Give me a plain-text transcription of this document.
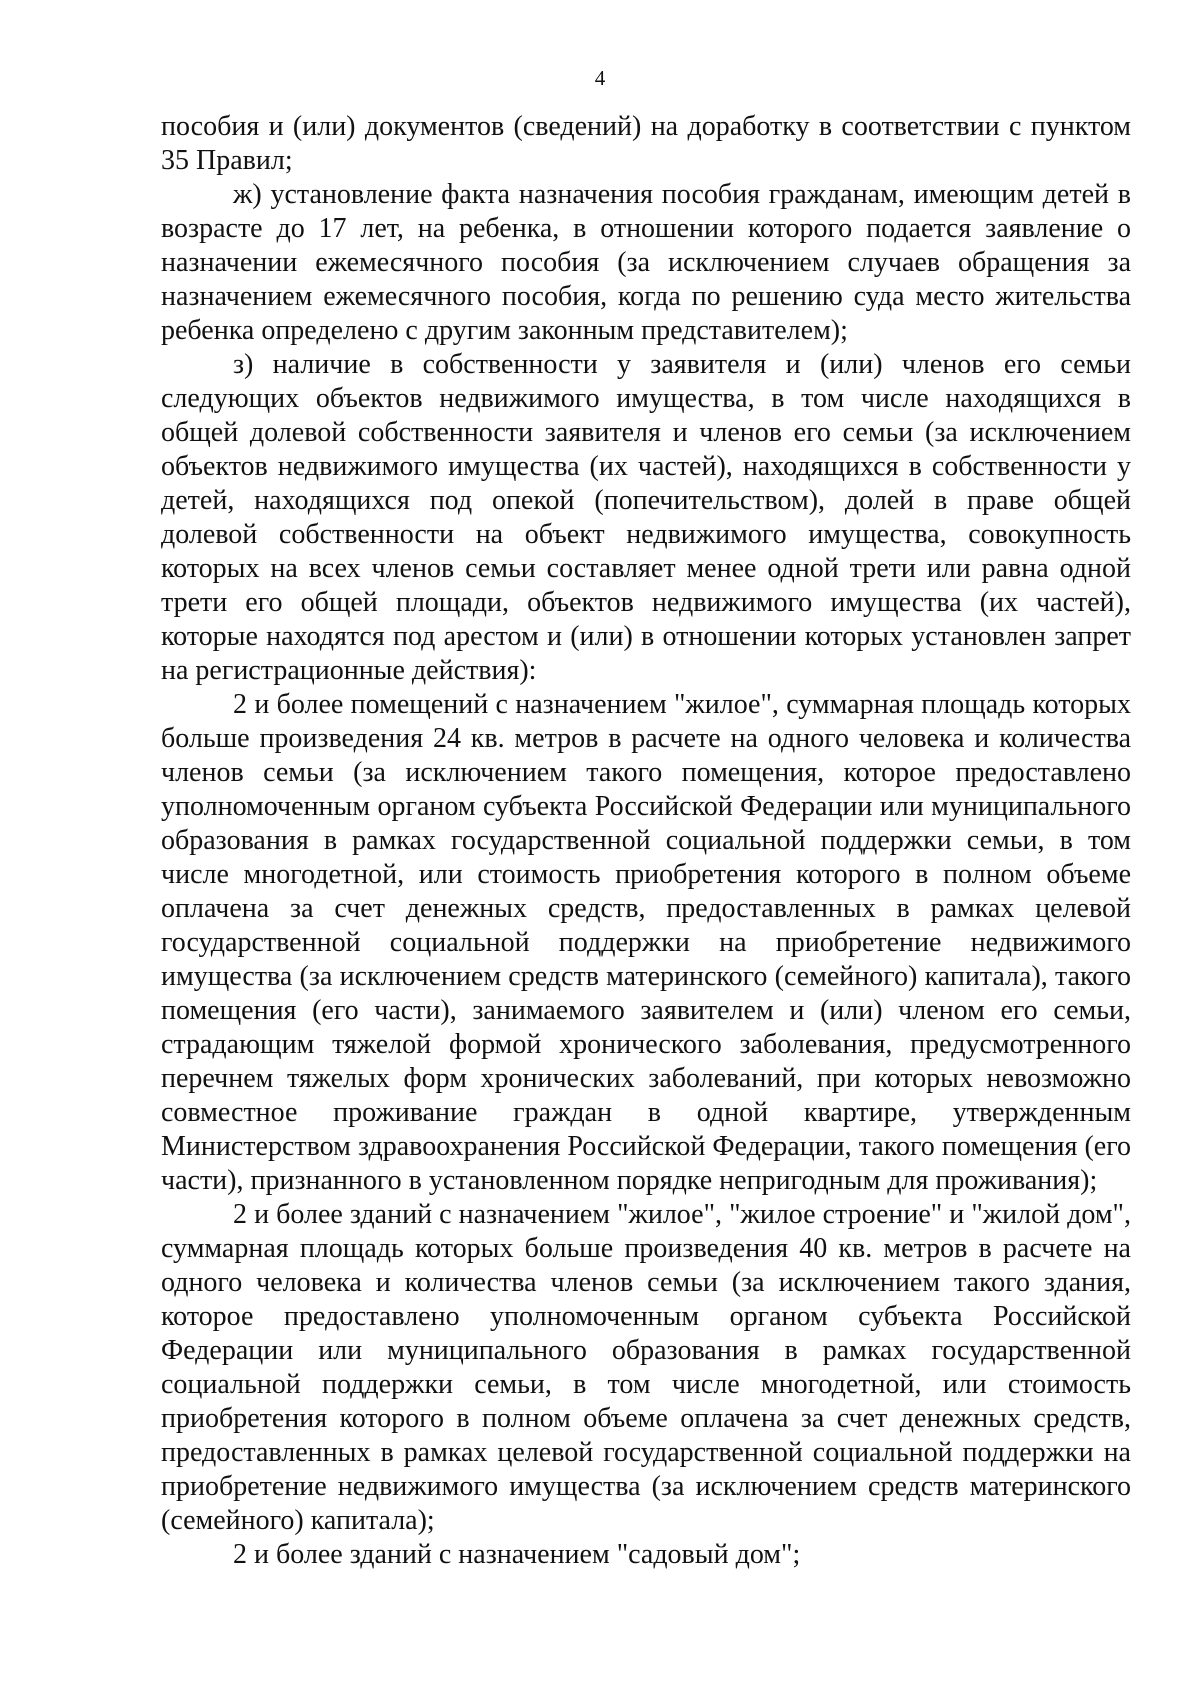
4

пособия и (или) документов (сведений) на доработку в соответствии с пунктом 35 Правил;

ж) установление факта назначения пособия гражданам, имеющим детей в возрасте до 17 лет, на ребенка, в отношении которого подается заявление о назначении ежемесячного пособия (за исключением случаев обращения за назначением ежемесячного пособия, когда по решению суда место жительства ребенка определено с другим законным представителем);

з) наличие в собственности у заявителя и (или) членов его семьи следующих объектов недвижимого имущества, в том числе находящихся в общей долевой собственности заявителя и членов его семьи (за исключением объектов недвижимого имущества (их частей), находящихся в собственности у детей, находящихся под опекой (попечительством), долей в праве общей долевой собственности на объект недвижимого имущества, совокупность которых на всех членов семьи составляет менее одной трети или равна одной трети его общей площади, объектов недвижимого имущества (их частей), которые находятся под арестом и (или) в отношении которых установлен запрет на регистрационные действия):

2 и более помещений с назначением "жилое", суммарная площадь которых больше произведения 24 кв. метров в расчете на одного человека и количества членов семьи (за исключением такого помещения, которое предоставлено уполномоченным органом субъекта Российской Федерации или муниципального образования в рамках государственной социальной поддержки семьи, в том числе многодетной, или стоимость приобретения которого в полном объеме оплачена за счет денежных средств, предоставленных в рамках целевой государственной социальной поддержки на приобретение недвижимого имущества (за исключением средств материнского (семейного) капитала), такого помещения (его части), занимаемого заявителем и (или) членом его семьи, страдающим тяжелой формой хронического заболевания, предусмотренного перечнем тяжелых форм хронических заболеваний, при которых невозможно совместное проживание граждан в одной квартире, утвержденным Министерством здравоохранения Российской Федерации, такого помещения (его части), признанного в установленном порядке непригодным для проживания);

2 и более зданий с назначением "жилое", "жилое строение" и "жилой дом", суммарная площадь которых больше произведения 40 кв. метров в расчете на одного человека и количества членов семьи (за исключением такого здания, которое предоставлено уполномоченным органом субъекта Российской Федерации или муниципального образования в рамках государственной социальной поддержки семьи, в том числе многодетной, или стоимость приобретения которого в полном объеме оплачена за счет денежных средств, предоставленных в рамках целевой государственной социальной поддержки на приобретение недвижимого имущества (за исключением средств материнского (семейного) капитала);

2 и более зданий с назначением "садовый дом";
